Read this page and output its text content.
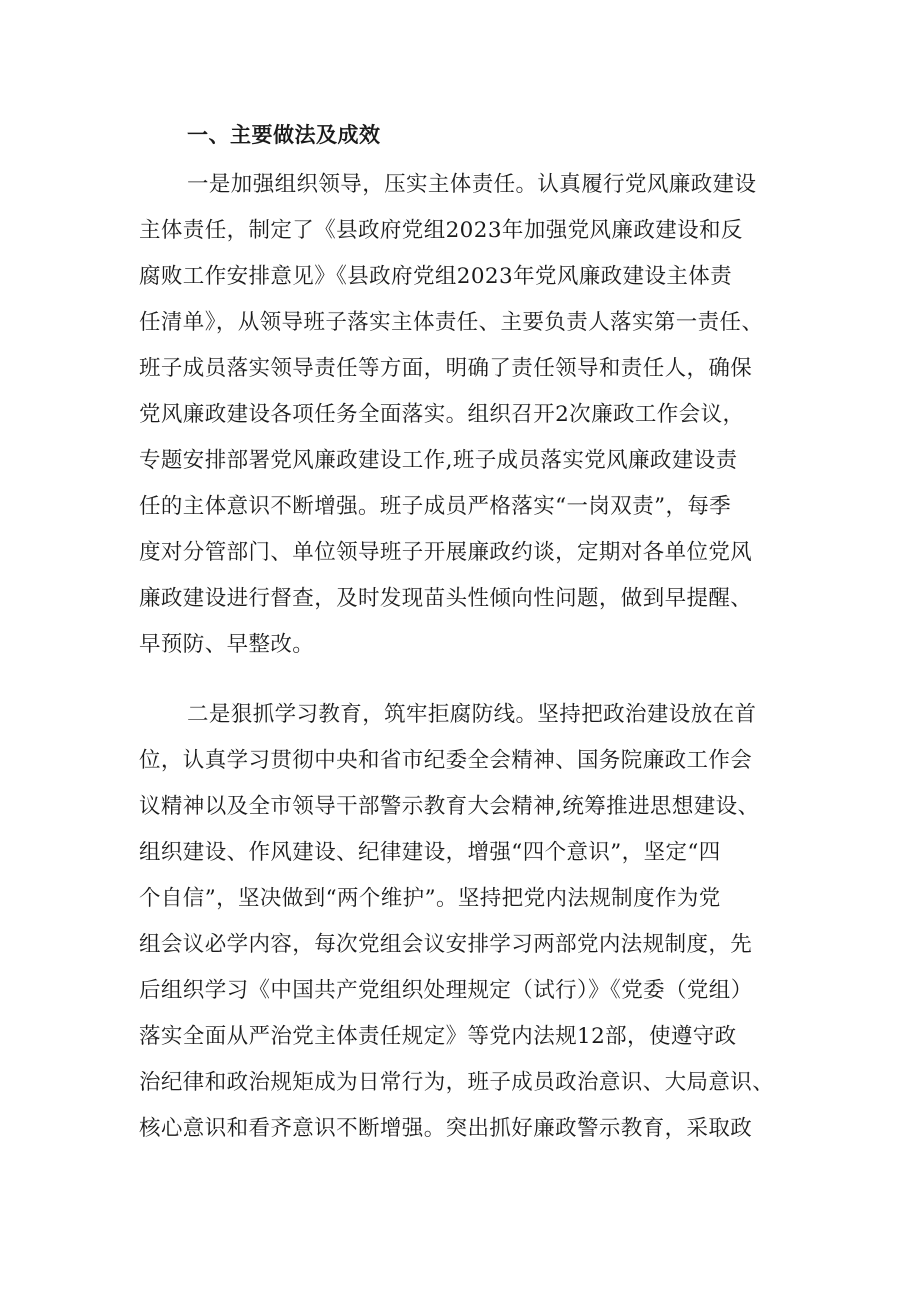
一、主要做法及成效
一是加强组织领导，压实主体责任。认真履行党风廉政建设
主体责任，制定了《县政府党组2023年加强党风廉政建设和反
腐败工作安排意见》《县政府党组2023年党风廉政建设主体责
任清单》，从领导班子落实主体责任、主要负责人落实第一责任、
班子成员落实领导责任等方面，明确了责任领导和责任人，确保
党风廉政建设各项任务全面落实。组织召开2次廉政工作会议，
专题安排部署党风廉政建设工作,班子成员落实党风廉政建设责
任的主体意识不断增强。班子成员严格落实“一岗双责”，每季
度对分管部门、单位领导班子开展廉政约谈，定期对各单位党风
廉政建设进行督查，及时发现苗头性倾向性问题，做到早提醒、
早预防、早整改。
二是狠抓学习教育，筑牢拒腐防线。坚持把政治建设放在首
位，认真学习贯彻中央和省市纪委全会精神、国务院廉政工作会
议精神以及全市领导干部警示教育大会精神,统筹推进思想建设、
组织建设、作风建设、纪律建设，增强“四个意识”，坚定“四
个自信”，坚决做到“两个维护”。坚持把党内法规制度作为党
组会议必学内容，每次党组会议安排学习两部党内法规制度，先
后组织学习《中国共产党组织处理规定（试行）》《党委（党组）
落实全面从严治党主体责任规定》等党内法规12部，使遵守政
治纪律和政治规矩成为日常行为，班子成员政治意识、大局意识、
核心意识和看齐意识不断增强。突出抓好廉政警示教育，采取政
